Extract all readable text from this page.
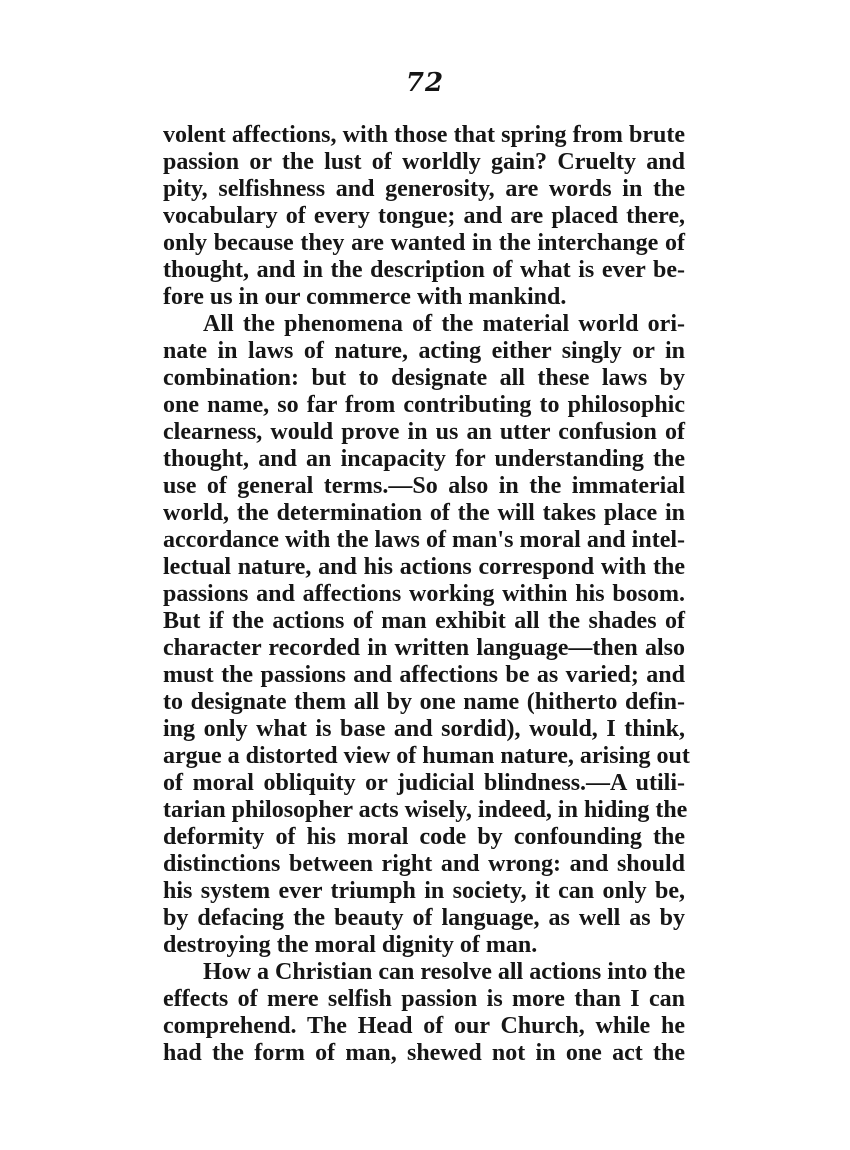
72
volent affections, with those that spring from brute
passion or the lust of worldly gain? Cruelty and
pity, selfishness and generosity, are words in the
vocabulary of every tongue; and are placed there,
only because they are wanted in the interchange of
thought, and in the description of what is ever be-
fore us in our commerce with mankind.
All the phenomena of the material world ori-
nate in laws of nature, acting either singly or in
combination: but to designate all these laws by
one name, so far from contributing to philosophic
clearness, would prove in us an utter confusion of
thought, and an incapacity for understanding the
use of general terms.—So also in the immaterial
world, the determination of the will takes place in
accordance with the laws of man's moral and intel-
lectual nature, and his actions correspond with the
passions and affections working within his bosom.
But if the actions of man exhibit all the shades of
character recorded in written language—then also
must the passions and affections be as varied; and
to designate them all by one name (hitherto defin-
ing only what is base and sordid), would, I think,
argue a distorted view of human nature, arising out
of moral obliquity or judicial blindness.—A utili-
tarian philosopher acts wisely, indeed, in hiding the
deformity of his moral code by confounding the
distinctions between right and wrong: and should
his system ever triumph in society, it can only be,
by defacing the beauty of language, as well as by
destroying the moral dignity of man.
How a Christian can resolve all actions into the
effects of mere selfish passion is more than I can
comprehend. The Head of our Church, while he
had the form of man, shewed not in one act the
